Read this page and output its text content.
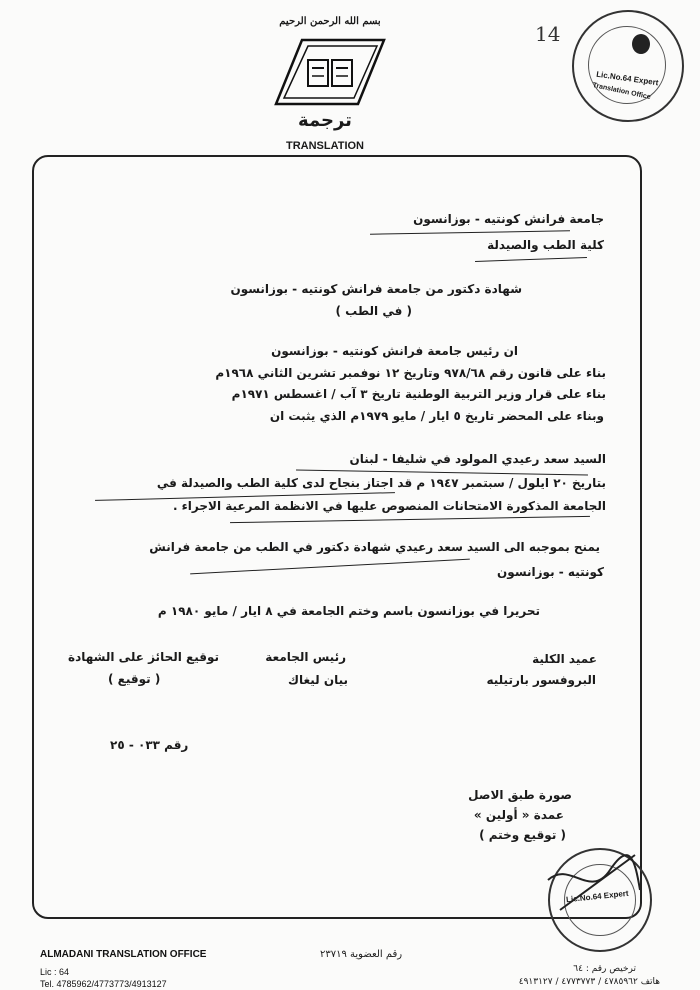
بسم الله الرحمن الرحيم
ترجمة
TRANSLATION
14
Lic.No.64 Expert
Translation Office
جامعة فرانش كونتيه - بوزانسون
كلية الطب والصيدلة
شهادة دكتور من جامعة فرانش كونتيه - بوزانسون
( في الطب )
ان رئيس جامعة فرانش كونتيه - بوزانسون
بناء على قانون رقم ٩٧٨/٦٨ وتاريخ ١٢ نوفمبر تشرين الثاني ١٩٦٨م
بناء على قرار وزير التربية الوطنية تاريخ ٣ آب / اغسطس ١٩٧١م
وبناء على المحضر تاريخ ٥ ايار / مايو ١٩٧٩م الذي يثبت ان
السيد سعد رعيدي المولود في شليفا - لبنان
بتاريخ ٢٠ ايلول / سبتمبر ١٩٤٧ م قد اجتاز بنجاح لدى كلية الطب والصيدلة في
الجامعة المذكورة الامتحانات المنصوص عليها في الانظمة المرعية الاجراء .
يمنح بموجبه الى السيد سعد رعيدي شهادة دكتور في الطب من جامعة فرانش
كونتيه - بوزانسون
تحريرا في بوزانسون باسم وختم الجامعة في ٨ ايار / مايو ١٩٨٠ م
عميد الكلية
البروفسور بارتيليه
رئيس الجامعة
بيان ليغاك
توقيع الحائز على الشهادة
( توقيع )
رقم ٠٣٣ - ٢٥
صورة طبق الاصل
عمدة « أولين »
( توقيع وختم )
Lic.No.64 Expert
ALMADANI TRANSLATION OFFICE
Lic : 64
Tel. 4785962/4773773/4913127
رقم العضوية ٢٣٧١٩
ترخيص رقم : ٦٤
هاتف ٤٧٨٥٩٦٢ / ٤٧٧٣٧٧٣ / ٤٩١٣١٢٧
